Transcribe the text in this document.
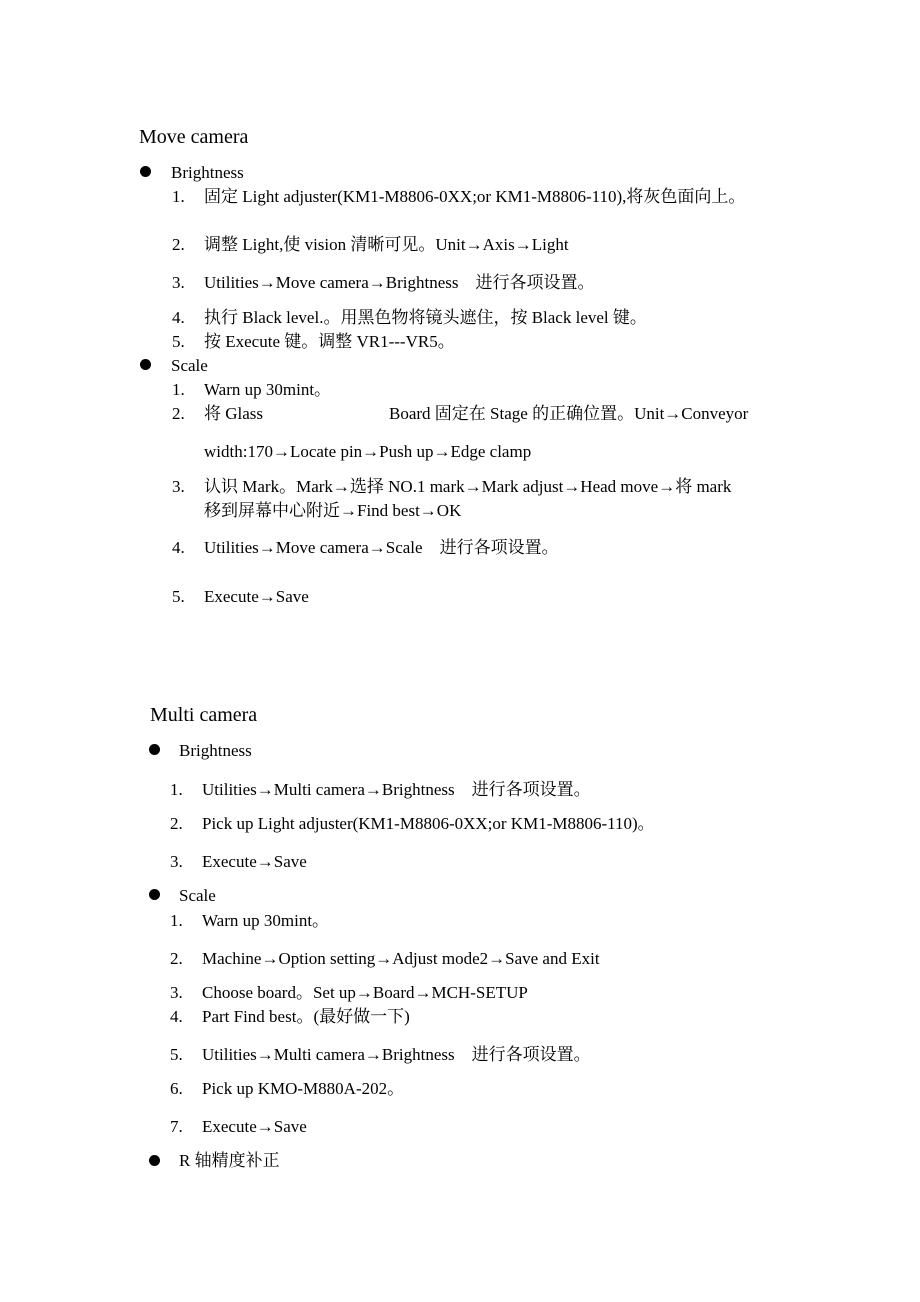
Move camera
Brightness
1. 固定 Light adjuster(KM1-M8806-0XX;or KM1-M8806-110),将灰色面向上。
2. 调整 Light,使 vision 清晰可见。Unit→Axis→Light
3. Utilities→Move camera→Brightness　进行各项设置。
4. 执行 Black level.。用黑色物将镜头遮住，按 Black level 键。
5. 按 Execute 键。调整 VR1---VR5。
Scale
1. Warn up 30mint。
2. 将 Glass	Board 固定在 Stage 的正确位置。Unit→Conveyor
width:170→Locate pin→Push up→Edge clamp
3. 认识 Mark。Mark→选择 NO.1 mark→Mark adjust→Head move→将 mark
移到屏幕中心附近→Find best→OK
4. Utilities→Move camera→Scale　进行各项设置。
5. Execute→Save
Multi camera
Brightness
1. Utilities→Multi camera→Brightness　进行各项设置。
2. Pick up Light adjuster(KM1-M8806-0XX;or KM1-M8806-110)。
3. Execute→Save
Scale
1. Warn up 30mint。
2. Machine→Option setting→Adjust mode2→Save and Exit
3. Choose board。Set up→Board→MCH-SETUP
4. Part Find best。(最好做一下)
5. Utilities→Multi camera→Brightness　进行各项设置。
6. Pick up KMO-M880A-202。
7. Execute→Save
R 轴精度补正
